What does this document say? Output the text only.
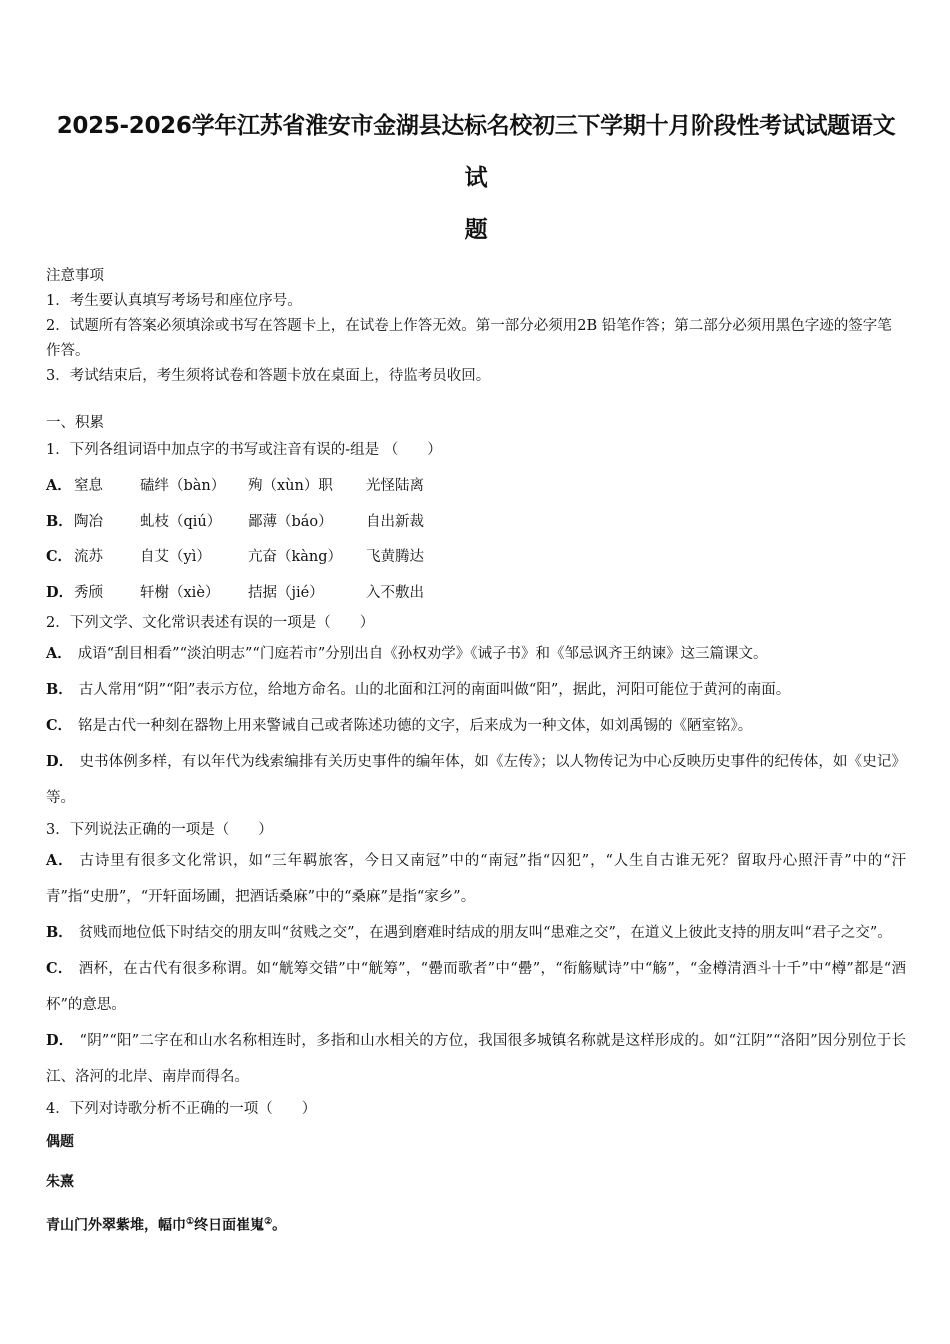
2025-2026学年江苏省淮安市金湖县达标名校初三下学期十月阶段性考试试题语文试
题

注意事项

1．考生要认真填写考场号和座位序号。

2．试题所有答案必须填涂或书写在答题卡上，在试卷上作答无效。第一部分必须用2B 铅笔作答；第二部分必须用黑色字迹的签字笔作答。

3．考试结束后，考生须将试卷和答题卡放在桌面上，待监考员收回。

一、积累

1．下列各组词语中加点字的书写或注音有误的-组是 （　　）

A． 窒息	磕绊（bàn）	殉（xùn）职	光怪陆离
B． 陶冶	虬枝（qiú）	鄙薄（báo）	自出新裁
C． 流苏	自艾（yì）	亢奋（kàng）	飞黄腾达
D． 秀颀	轩榭（xiè）	拮据（jié）	入不敷出

2．下列文学、文化常识表述有误的一项是（　　）

A． 成语“刮目相看”“淡泊明志”“门庭若市”分别出自《孙权劝学》《诫子书》和《邹忌讽齐王纳谏》这三篇课文。

B． 古人常用“阴”“阳”表示方位，给地方命名。山的北面和江河的南面叫做“阳”，据此，河阳可能位于黄河的南面。

C． 铭是古代一种刻在器物上用来警诫自己或者陈述功德的文字，后来成为一种文体，如刘禹锡的《陋室铭》。

D． 史书体例多样，有以年代为线索编排有关历史事件的编年体，如《左传》；以人物传记为中心反映历史事件的纪传体，如《史记》等。

3．下列说法正确的一项是（　　）

A． 古诗里有很多文化常识，如“三年羁旅客，今日又南冠”中的“南冠”指“囚犯”，“人生自古谁无死？留取丹心照汗青”中的“汗青”指“史册”，“开轩面场圃，把酒话桑麻”中的“桑麻”是指“家乡”。

B． 贫贱而地位低下时结交的朋友叫“贫贱之交”，在遇到磨难时结成的朋友叫“患难之交”，在道义上彼此支持的朋友叫“君子之交”。

C． 酒杯，在古代有很多称谓。如“觥筹交错”中“觥筹”，“罍而歌者”中“罍”，“衔觞赋诗”中“觞”，“金樽清酒斗十千”中“樽”都是“酒杯”的意思。

D． “阴”“阳”二字在和山水名称相连时，多指和山水相关的方位，我国很多城镇名称就是这样形成的。如“江阴”“洛阳”因分别位于长江、洛河的北岸、南岸而得名。

4．下列对诗歌分析不正确的一项（　　）

偶题

朱熹

青山门外翠紫堆，幅巾①终日面崔嵬②。
